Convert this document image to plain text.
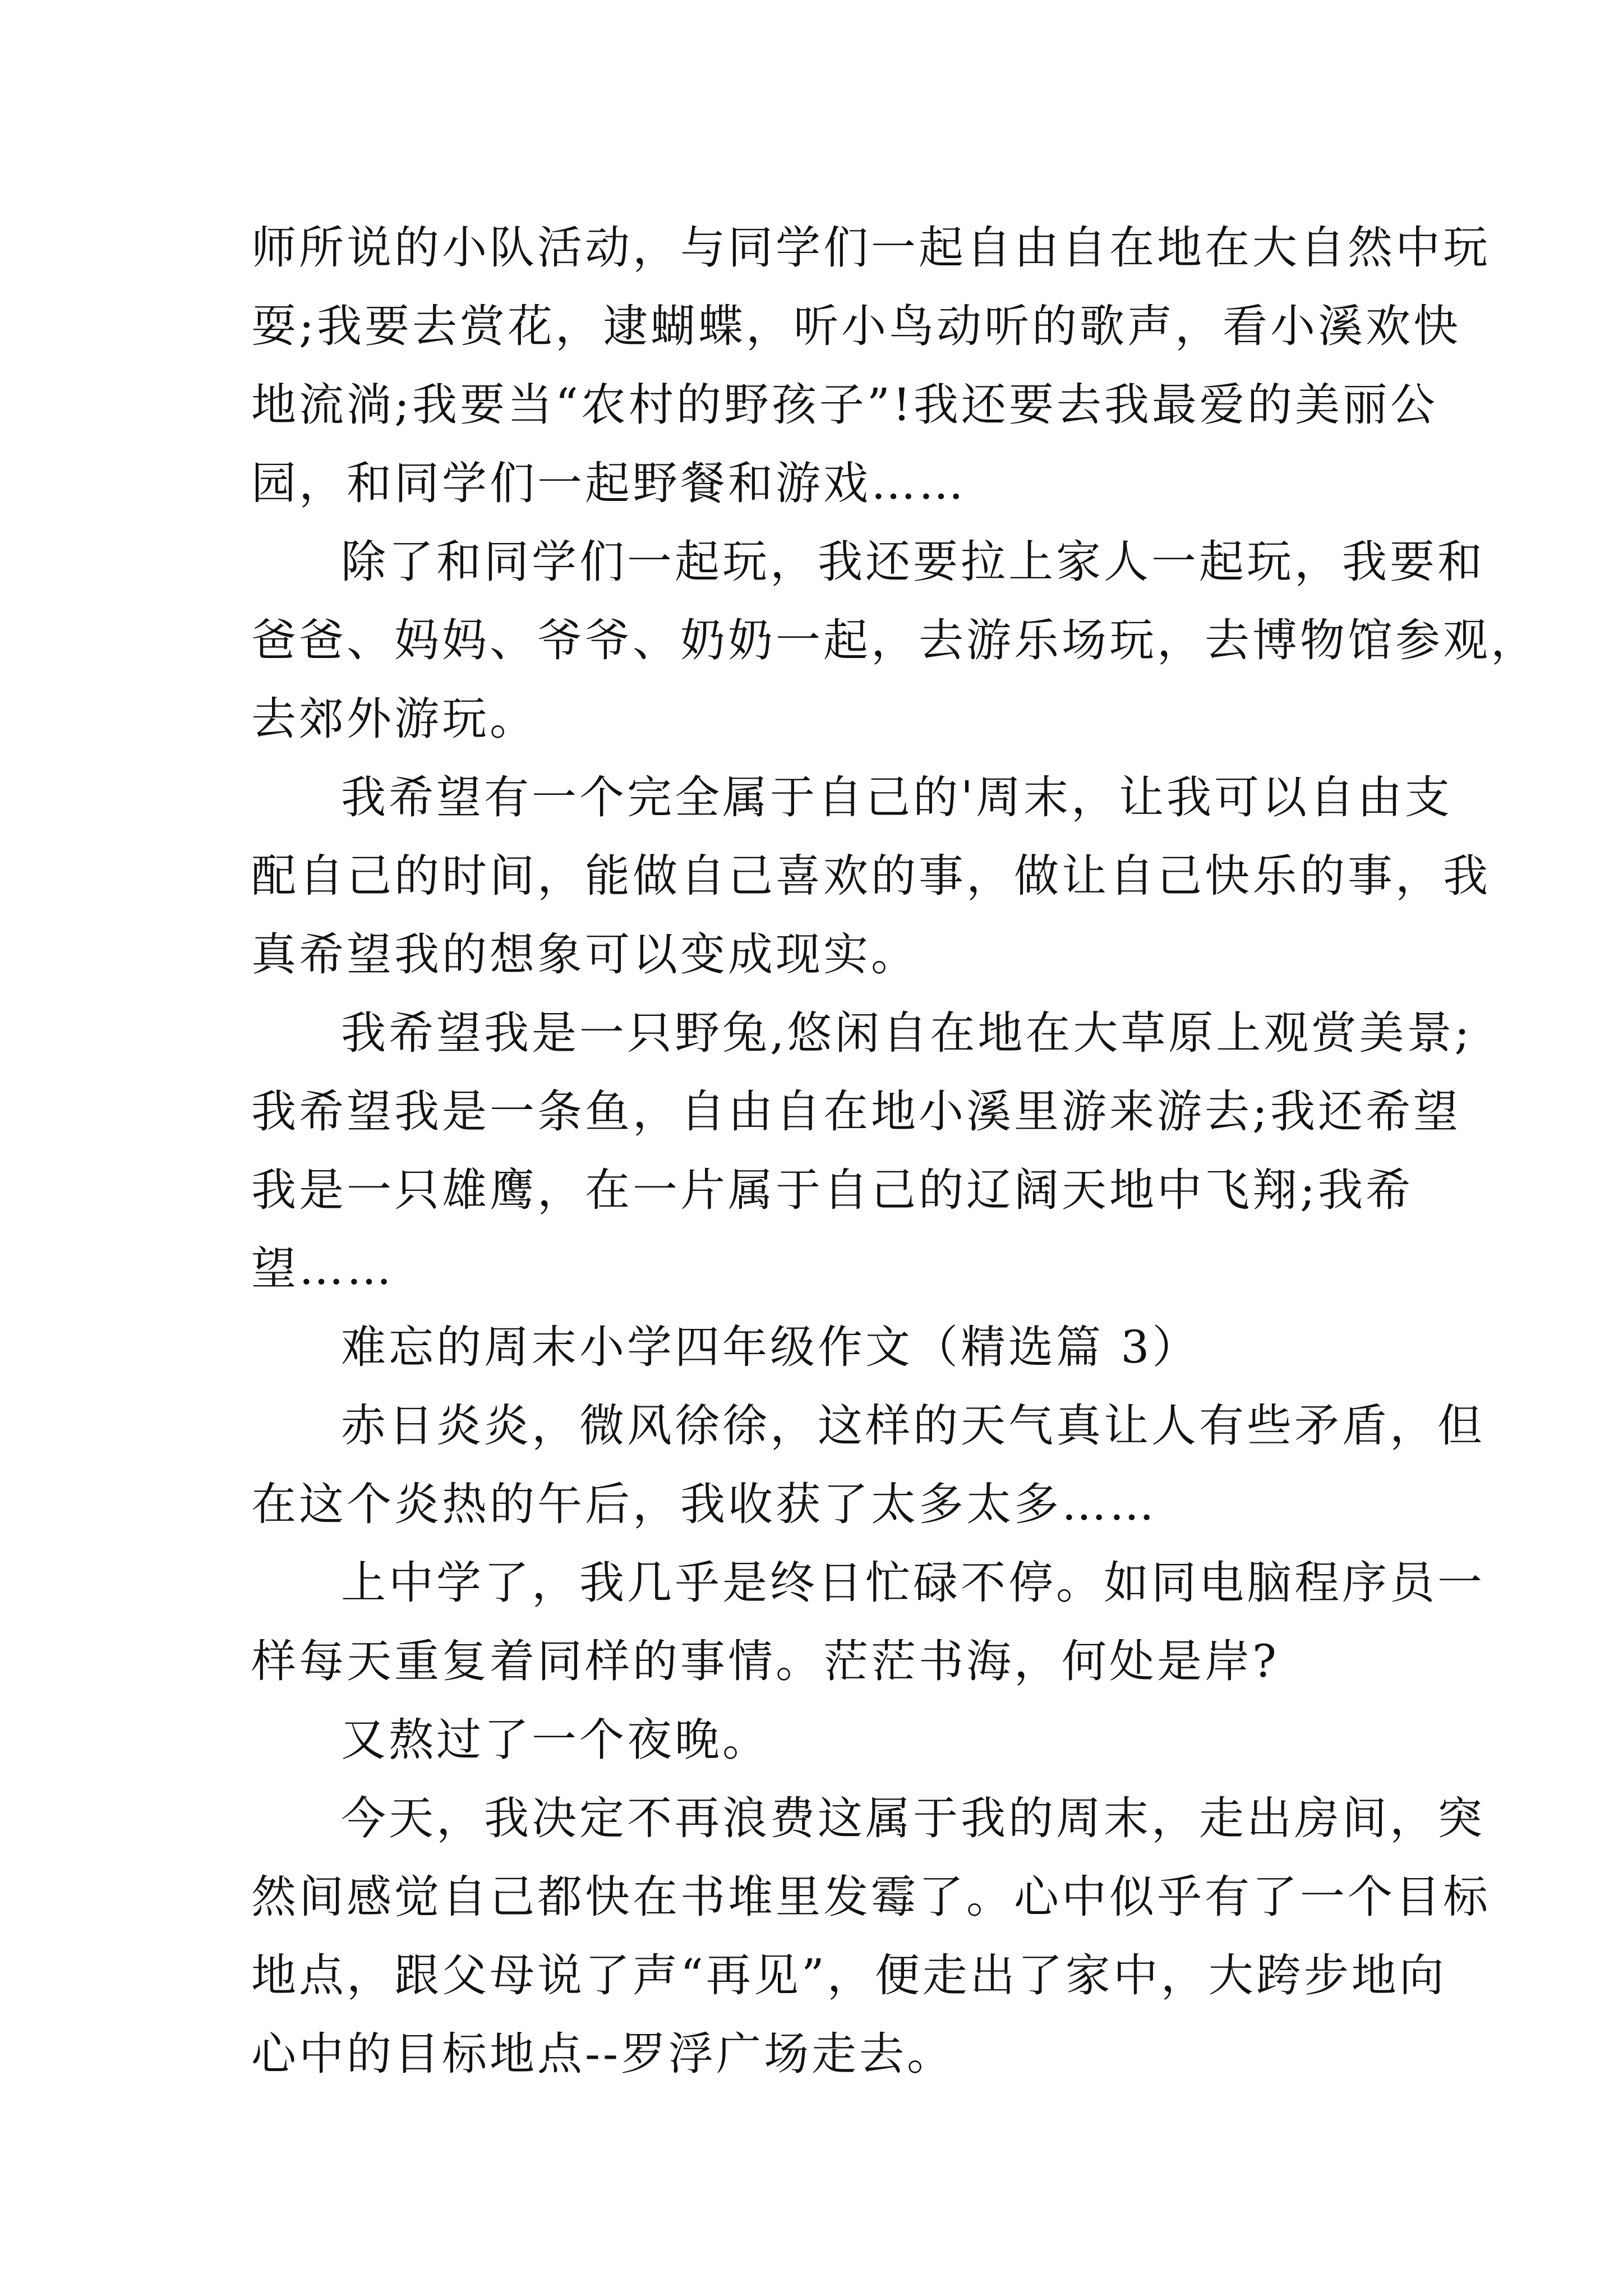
师所说的小队活动，与同学们一起自由自在地在大自然中玩
耍;我要去赏花，逮蝴蝶，听小鸟动听的歌声，看小溪欢快
地流淌;我要当“农村的野孩子”!我还要去我最爱的美丽公
园，和同学们一起野餐和游戏……
除了和同学们一起玩，我还要拉上家人一起玩，我要和
爸爸、妈妈、爷爷、奶奶一起，去游乐场玩，去博物馆参观，
去郊外游玩。
我希望有一个完全属于自己的'周末，让我可以自由支
配自己的时间，能做自己喜欢的事，做让自己快乐的事，我
真希望我的想象可以变成现实。
我希望我是一只野兔,悠闲自在地在大草原上观赏美景;
我希望我是一条鱼，自由自在地小溪里游来游去;我还希望
我是一只雄鹰，在一片属于自己的辽阔天地中飞翔;我希
望……
难忘的周末小学四年级作文（精选篇 3）
赤日炎炎，微风徐徐，这样的天气真让人有些矛盾，但
在这个炎热的午后，我收获了太多太多……
上中学了，我几乎是终日忙碌不停。如同电脑程序员一
样每天重复着同样的事情。茫茫书海，何处是岸?
又熬过了一个夜晚。
今天，我决定不再浪费这属于我的周末，走出房间，突
然间感觉自己都快在书堆里发霉了。心中似乎有了一个目标
地点，跟父母说了声“再见”，便走出了家中，大跨步地向
心中的目标地点--罗浮广场走去。
